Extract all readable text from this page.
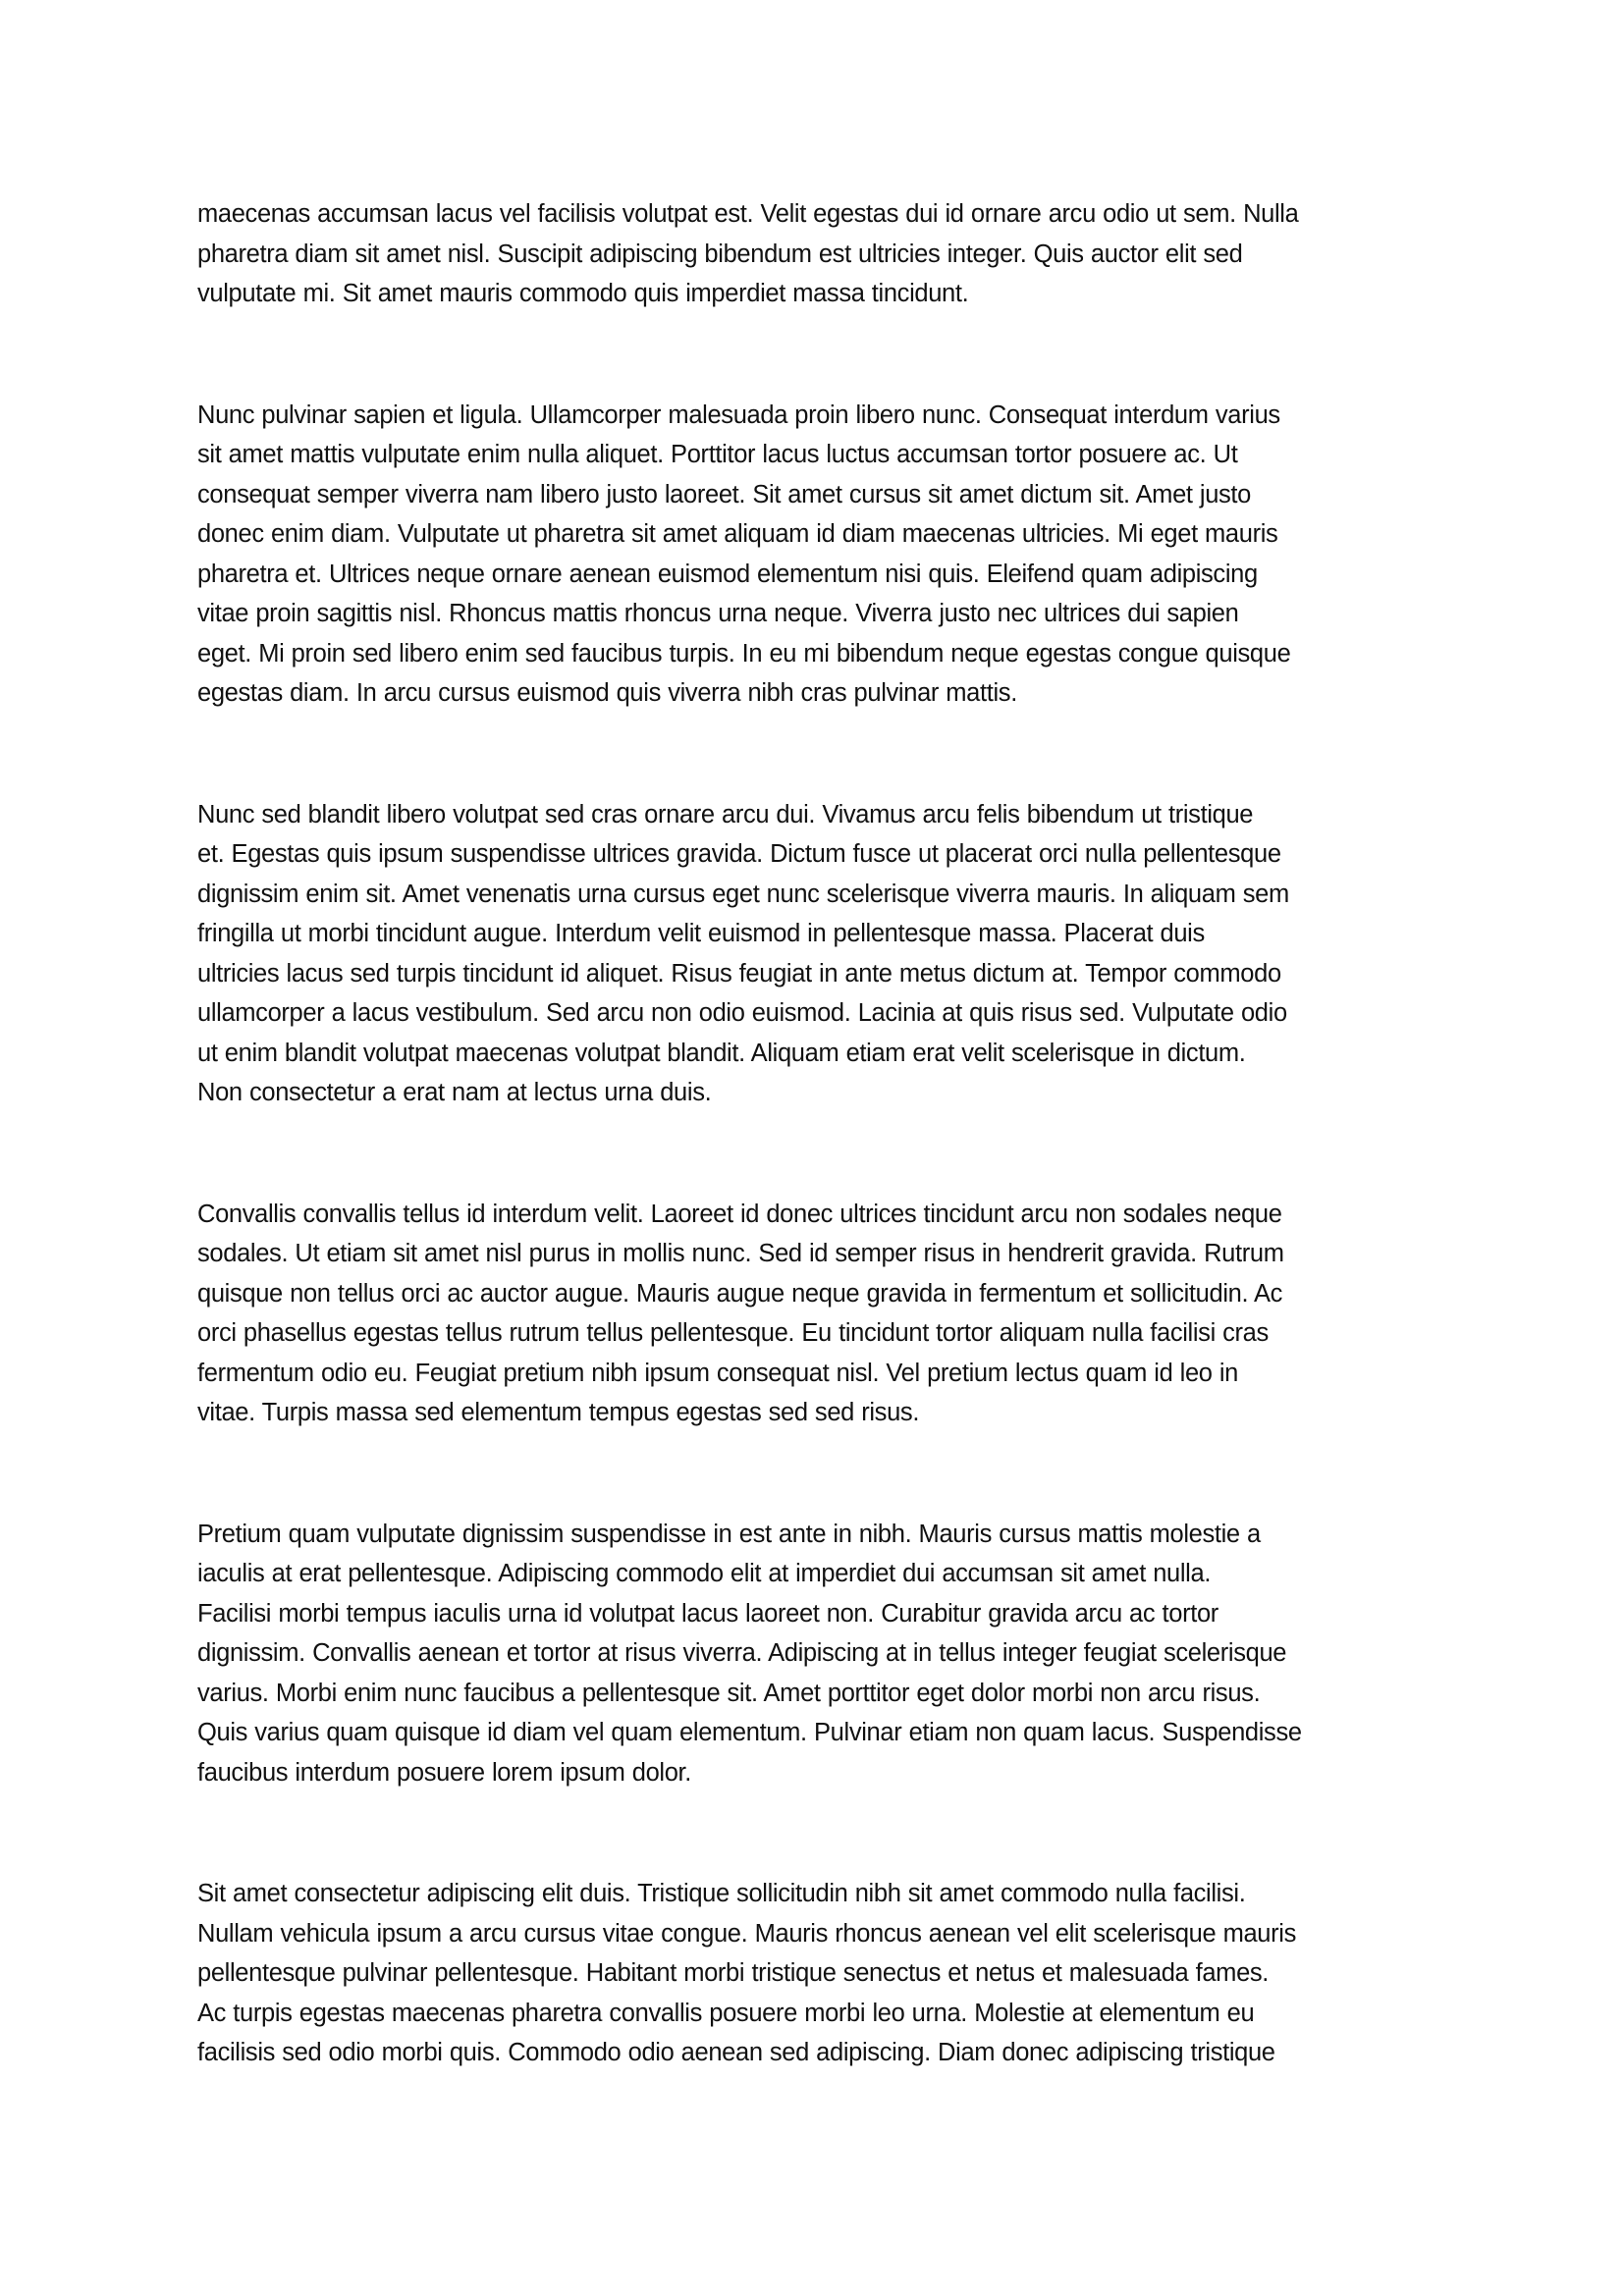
maecenas accumsan lacus vel facilisis volutpat est. Velit egestas dui id ornare arcu odio ut sem. Nulla
pharetra diam sit amet nisl. Suscipit adipiscing bibendum est ultricies integer. Quis auctor elit sed
vulputate mi. Sit amet mauris commodo quis imperdiet massa tincidunt.
Nunc pulvinar sapien et ligula. Ullamcorper malesuada proin libero nunc. Consequat interdum varius
sit amet mattis vulputate enim nulla aliquet. Porttitor lacus luctus accumsan tortor posuere ac. Ut
consequat semper viverra nam libero justo laoreet. Sit amet cursus sit amet dictum sit. Amet justo
donec enim diam. Vulputate ut pharetra sit amet aliquam id diam maecenas ultricies. Mi eget mauris
pharetra et. Ultrices neque ornare aenean euismod elementum nisi quis. Eleifend quam adipiscing
vitae proin sagittis nisl. Rhoncus mattis rhoncus urna neque. Viverra justo nec ultrices dui sapien
eget. Mi proin sed libero enim sed faucibus turpis. In eu mi bibendum neque egestas congue quisque
egestas diam. In arcu cursus euismod quis viverra nibh cras pulvinar mattis.
Nunc sed blandit libero volutpat sed cras ornare arcu dui. Vivamus arcu felis bibendum ut tristique
et. Egestas quis ipsum suspendisse ultrices gravida. Dictum fusce ut placerat orci nulla pellentesque
dignissim enim sit. Amet venenatis urna cursus eget nunc scelerisque viverra mauris. In aliquam sem
fringilla ut morbi tincidunt augue. Interdum velit euismod in pellentesque massa. Placerat duis
ultricies lacus sed turpis tincidunt id aliquet. Risus feugiat in ante metus dictum at. Tempor commodo
ullamcorper a lacus vestibulum. Sed arcu non odio euismod. Lacinia at quis risus sed. Vulputate odio
ut enim blandit volutpat maecenas volutpat blandit. Aliquam etiam erat velit scelerisque in dictum.
Non consectetur a erat nam at lectus urna duis.
Convallis convallis tellus id interdum velit. Laoreet id donec ultrices tincidunt arcu non sodales neque
sodales. Ut etiam sit amet nisl purus in mollis nunc. Sed id semper risus in hendrerit gravida. Rutrum
quisque non tellus orci ac auctor augue. Mauris augue neque gravida in fermentum et sollicitudin. Ac
orci phasellus egestas tellus rutrum tellus pellentesque. Eu tincidunt tortor aliquam nulla facilisi cras
fermentum odio eu. Feugiat pretium nibh ipsum consequat nisl. Vel pretium lectus quam id leo in
vitae. Turpis massa sed elementum tempus egestas sed sed risus.
Pretium quam vulputate dignissim suspendisse in est ante in nibh. Mauris cursus mattis molestie a
iaculis at erat pellentesque. Adipiscing commodo elit at imperdiet dui accumsan sit amet nulla.
Facilisi morbi tempus iaculis urna id volutpat lacus laoreet non. Curabitur gravida arcu ac tortor
dignissim. Convallis aenean et tortor at risus viverra. Adipiscing at in tellus integer feugiat scelerisque
varius. Morbi enim nunc faucibus a pellentesque sit. Amet porttitor eget dolor morbi non arcu risus.
Quis varius quam quisque id diam vel quam elementum. Pulvinar etiam non quam lacus. Suspendisse
faucibus interdum posuere lorem ipsum dolor.
Sit amet consectetur adipiscing elit duis. Tristique sollicitudin nibh sit amet commodo nulla facilisi.
Nullam vehicula ipsum a arcu cursus vitae congue. Mauris rhoncus aenean vel elit scelerisque mauris
pellentesque pulvinar pellentesque. Habitant morbi tristique senectus et netus et malesuada fames.
Ac turpis egestas maecenas pharetra convallis posuere morbi leo urna. Molestie at elementum eu
facilisis sed odio morbi quis. Commodo odio aenean sed adipiscing. Diam donec adipiscing tristique
